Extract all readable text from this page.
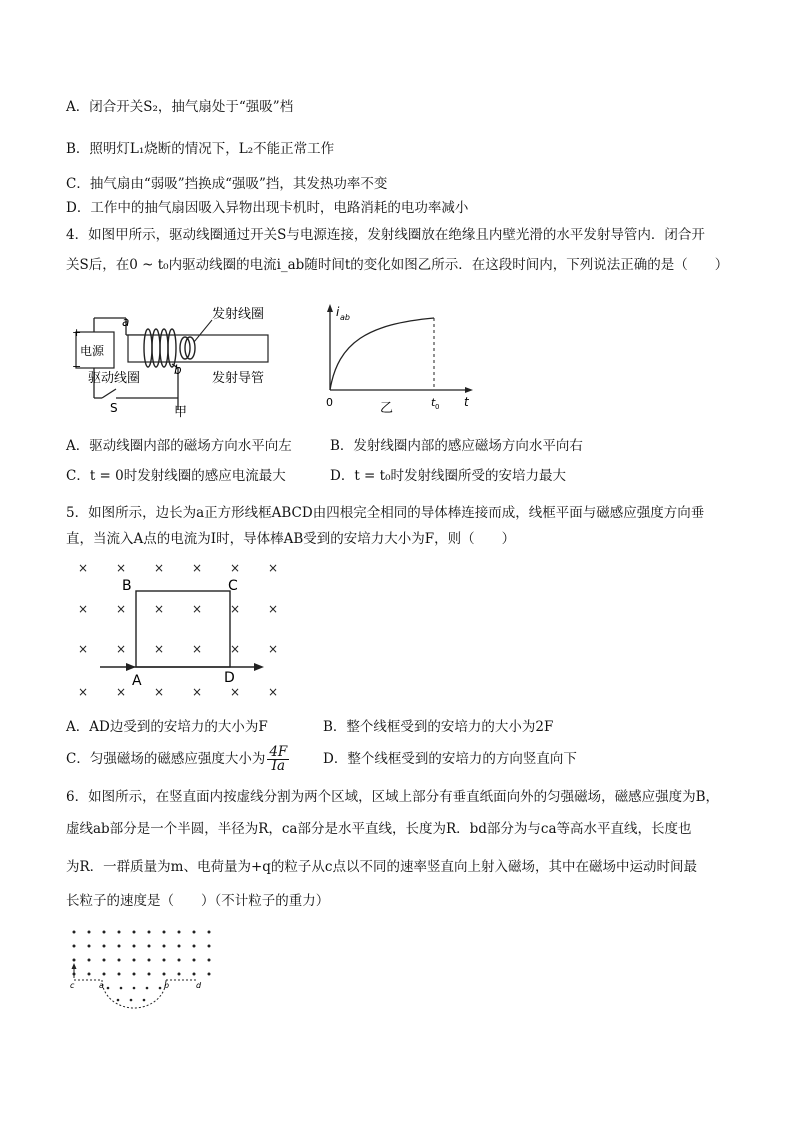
A．闭合开关S₂，抽气扇处于“强吸”档
B．照明灯L₁烧断的情况下，L₂不能正常工作
C．抽气扇由“弱吸”挡换成“强吸”挡，其发热功率不变
D．工作中的抽气扇因吸入异物出现卡机时，电路消耗的电功率减小
4．如图甲所示，驱动线圈通过开关S与电源连接，发射线圈放在绝缘且内壁光滑的水平发射导管内．闭合开
关S后，在0 ~ t₀内驱动线圈的电流i_ab随时间t的变化如图乙所示．在这段时间内，下列说法正确的是（　　）
电源
+
−
a
b
S
驱动线圈
发射线圈
发射导管
甲
i ab
t
0	t 0
乙
A．驱动线圈内部的磁场方向水平向左	B．发射线圈内部的感应磁场方向水平向右
C．t = 0时发射线圈的感应电流最大	D．t = t₀时发射线圈所受的安培力最大
5．如图所示，边长为a正方形线框ABCD由四根完全相同的导体棒连接而成，线框平面与磁感应强度方向垂
直，当流入A点的电流为I时，导体棒AB受到的安培力大小为F，则（　　）
× × × × × ×
× × × × × ×
× × × × × ×
× × × × × ×
B	C
A	D
A．AD边受到的安培力的大小为F	B．整个线框受到的安培力的大小为2F
C．匀强磁场的磁感应强度大小为 $\frac{4F}{Ia}$ D．整个线框受到的安培力的方向竖直向下
6．如图所示，在竖直面内按虚线分割为两个区域，区域上部分有垂直纸面向外的匀强磁场，磁感应强度为B，
虚线ab部分是一个半圆，半径为R，ca部分是水平直线，长度为R．bd部分为与ca等高水平直线，长度也
为R．一群质量为m、电荷量为+q的粒子从c点以不同的速率竖直向上射入磁场，其中在磁场中运动时间最
长粒子的速度是（　　）（不计粒子的重力）
c	a	b	d
